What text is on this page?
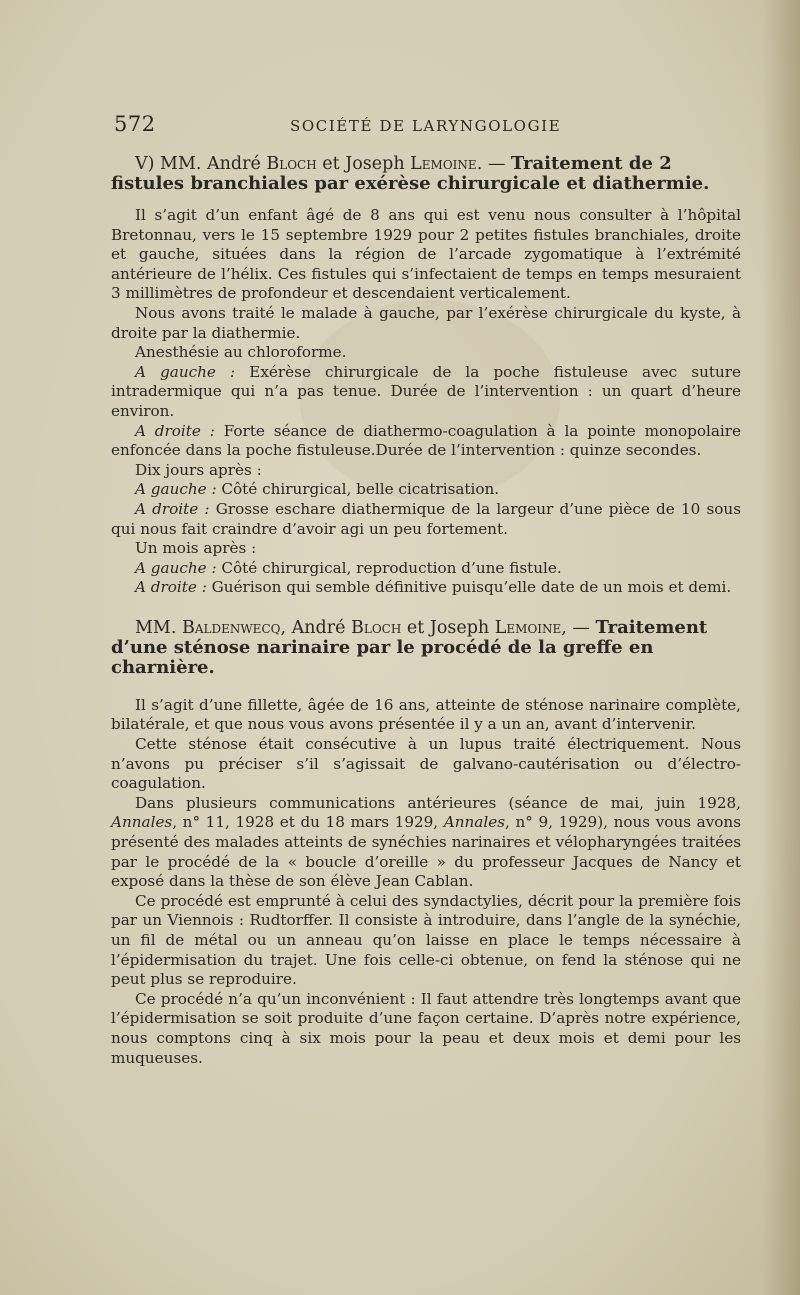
572	SOCIÉTÉ DE LARYNGOLOGIE
V) MM. André Bloch et Joseph Lemoine. — Traitement de 2 fistules branchiales par exérèse chirurgicale et diathermie.

Il s’agit d’un enfant âgé de 8 ans qui est venu nous consulter à l’hôpital Bretonnau, vers le 15 septembre 1929 pour 2 petites fistules branchiales, droite et gauche, situées dans la région de l’arcade zygomatique à l’extrémité antérieure de l’hélix. Ces fistules qui s’infectaient de temps en temps mesuraient 3 millimètres de profondeur et descendaient verticalement.

Nous avons traité le malade à gauche, par l’exérèse chirurgicale du kyste, à droite par la diathermie.

Anesthésie au chloroforme.

A gauche : Exérèse chirurgicale de la poche fistuleuse avec suture intradermique qui n’a pas tenue. Durée de l’intervention : un quart d’heure environ.

A droite : Forte séance de diathermo-coagulation à la pointe monopolaire enfoncée dans la poche fistuleuse.Durée de l’intervention : quinze secondes.

Dix jours après :

A gauche : Côté chirurgical, belle cicatrisation.

A droite : Grosse eschare diathermique de la largeur d’une pièce de 10 sous qui nous fait craindre d’avoir agi un peu fortement.

Un mois après :

A gauche : Côté chirurgical, reproduction d’une fistule.

A droite : Guérison qui semble définitive puisqu’elle date de un mois et demi.

MM. Baldenwecq, André Bloch et Joseph Lemoine, — Traitement d’une sténose narinaire par le procédé de la greffe en charnière.

Il s’agit d’une fillette, âgée de 16 ans, atteinte de sténose narinaire complète, bilatérale, et que nous vous avons présentée il y a un an, avant d’intervenir.

Cette sténose était consécutive à un lupus traité électriquement. Nous n’avons pu préciser s’il s’agissait de galvano-cautérisation ou d’électro-coagulation.

Dans plusieurs communications antérieures (séance de mai, juin 1928, Annales, n° 11, 1928 et du 18 mars 1929, Annales, n° 9, 1929), nous vous avons présenté des malades atteints de synéchies narinaires et vélopharyngées traitées par le procédé de la « boucle d’oreille » du professeur Jacques de Nancy et exposé dans la thèse de son élève Jean Cablan.

Ce procédé est emprunté à celui des syndactylies, décrit pour la première fois par un Viennois : Rudtorffer. Il consiste à introduire, dans l’angle de la synéchie, un fil de métal ou un anneau qu’on laisse en place le temps nécessaire à l’épidermisation du trajet. Une fois celle-ci obtenue, on fend la sténose qui ne peut plus se reproduire.

Ce procédé n’a qu’un inconvénient : Il faut attendre très longtemps avant que l’épidermisation se soit produite d’une façon certaine. D’après notre expérience, nous comptons cinq à six mois pour la peau et deux mois et demi pour les muqueuses.
